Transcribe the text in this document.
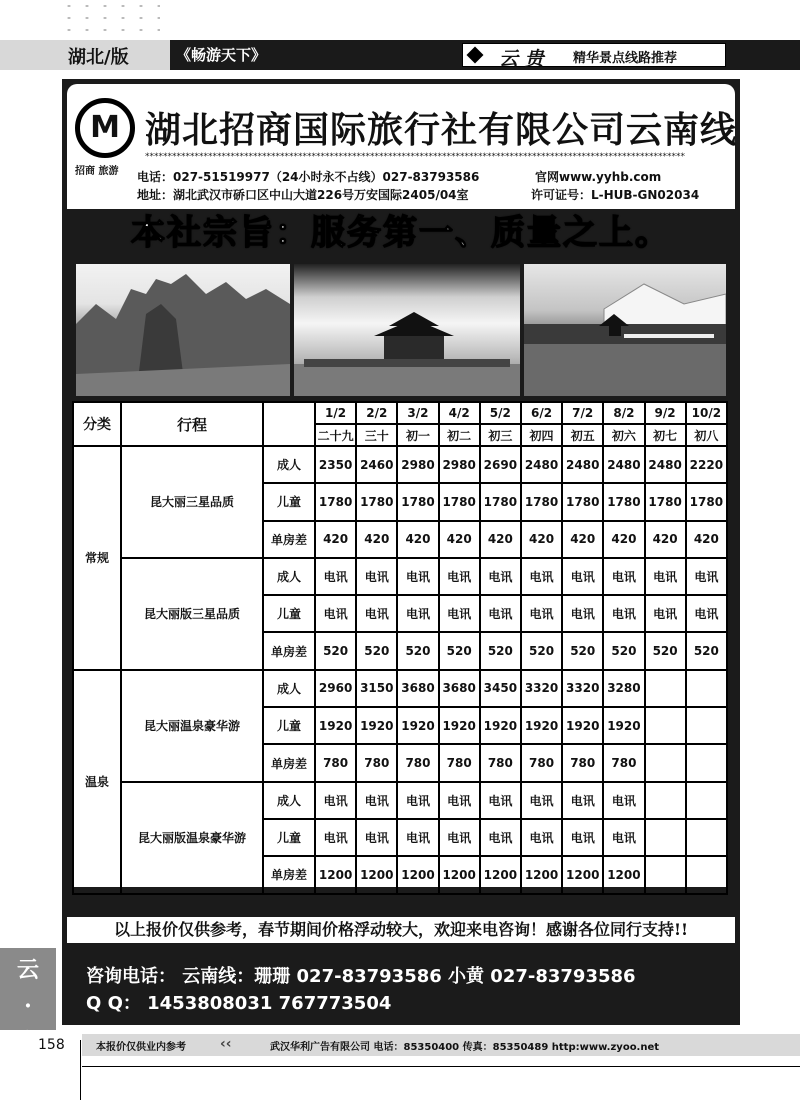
湖北/版	《畅游天下》	云 贵 精华景点线路推荐
M
招商 旅游
湖北招商国际旅行社有限公司云南线
************************************************************************************************************************
电话：027-51519977（24小时永不占线）027-83793586	官网www.yyhb.com
地址：湖北武汉市硚口区中山大道226号万安国际2405/04室	许可证号：L-HUB-GN02034
本社宗旨：服务第一、质量之上。
分类	行程		1/2	2/2	3/2	4/2	5/2	6/2	7/2	8/2	9/2	10/2
			二十九	三十	初一	初二	初三	初四	初五	初六	初七	初八
常规	昆大丽三星品质	成人	2350	2460	2980	2980	2690	2480	2480	2480	2480	2220
		儿童	1780	1780	1780	1780	1780	1780	1780	1780	1780	1780
		单房差	420	420	420	420	420	420	420	420	420	420
	昆大丽版三星品质	成人	电讯	电讯	电讯	电讯	电讯	电讯	电讯	电讯	电讯	电讯
		儿童	电讯	电讯	电讯	电讯	电讯	电讯	电讯	电讯	电讯	电讯
		单房差	520	520	520	520	520	520	520	520	520	520
温泉	昆大丽温泉豪华游	成人	2960	3150	3680	3680	3450	3320	3320	3280		
		儿童	1920	1920	1920	1920	1920	1920	1920	1920		
		单房差	780	780	780	780	780	780	780	780		
	昆大丽版温泉豪华游	成人	电讯	电讯	电讯	电讯	电讯	电讯	电讯	电讯		
		儿童	电讯	电讯	电讯	电讯	电讯	电讯	电讯	电讯		
		单房差	1200	1200	1200	1200	1200	1200	1200	1200		
以上报价仅供参考，春节期间价格浮动较大，欢迎来电咨询！感谢各位同行支持!!
咨询电话： 云南线：珊珊 027-83793586 小黄 027-83793586
Q Q： 1453808031 767773504
云·贵 158	本报价仅供业内参考 ‹‹	武汉华利广告有限公司 电话：85350400 传真：85350489 http:www.zyoo.net
